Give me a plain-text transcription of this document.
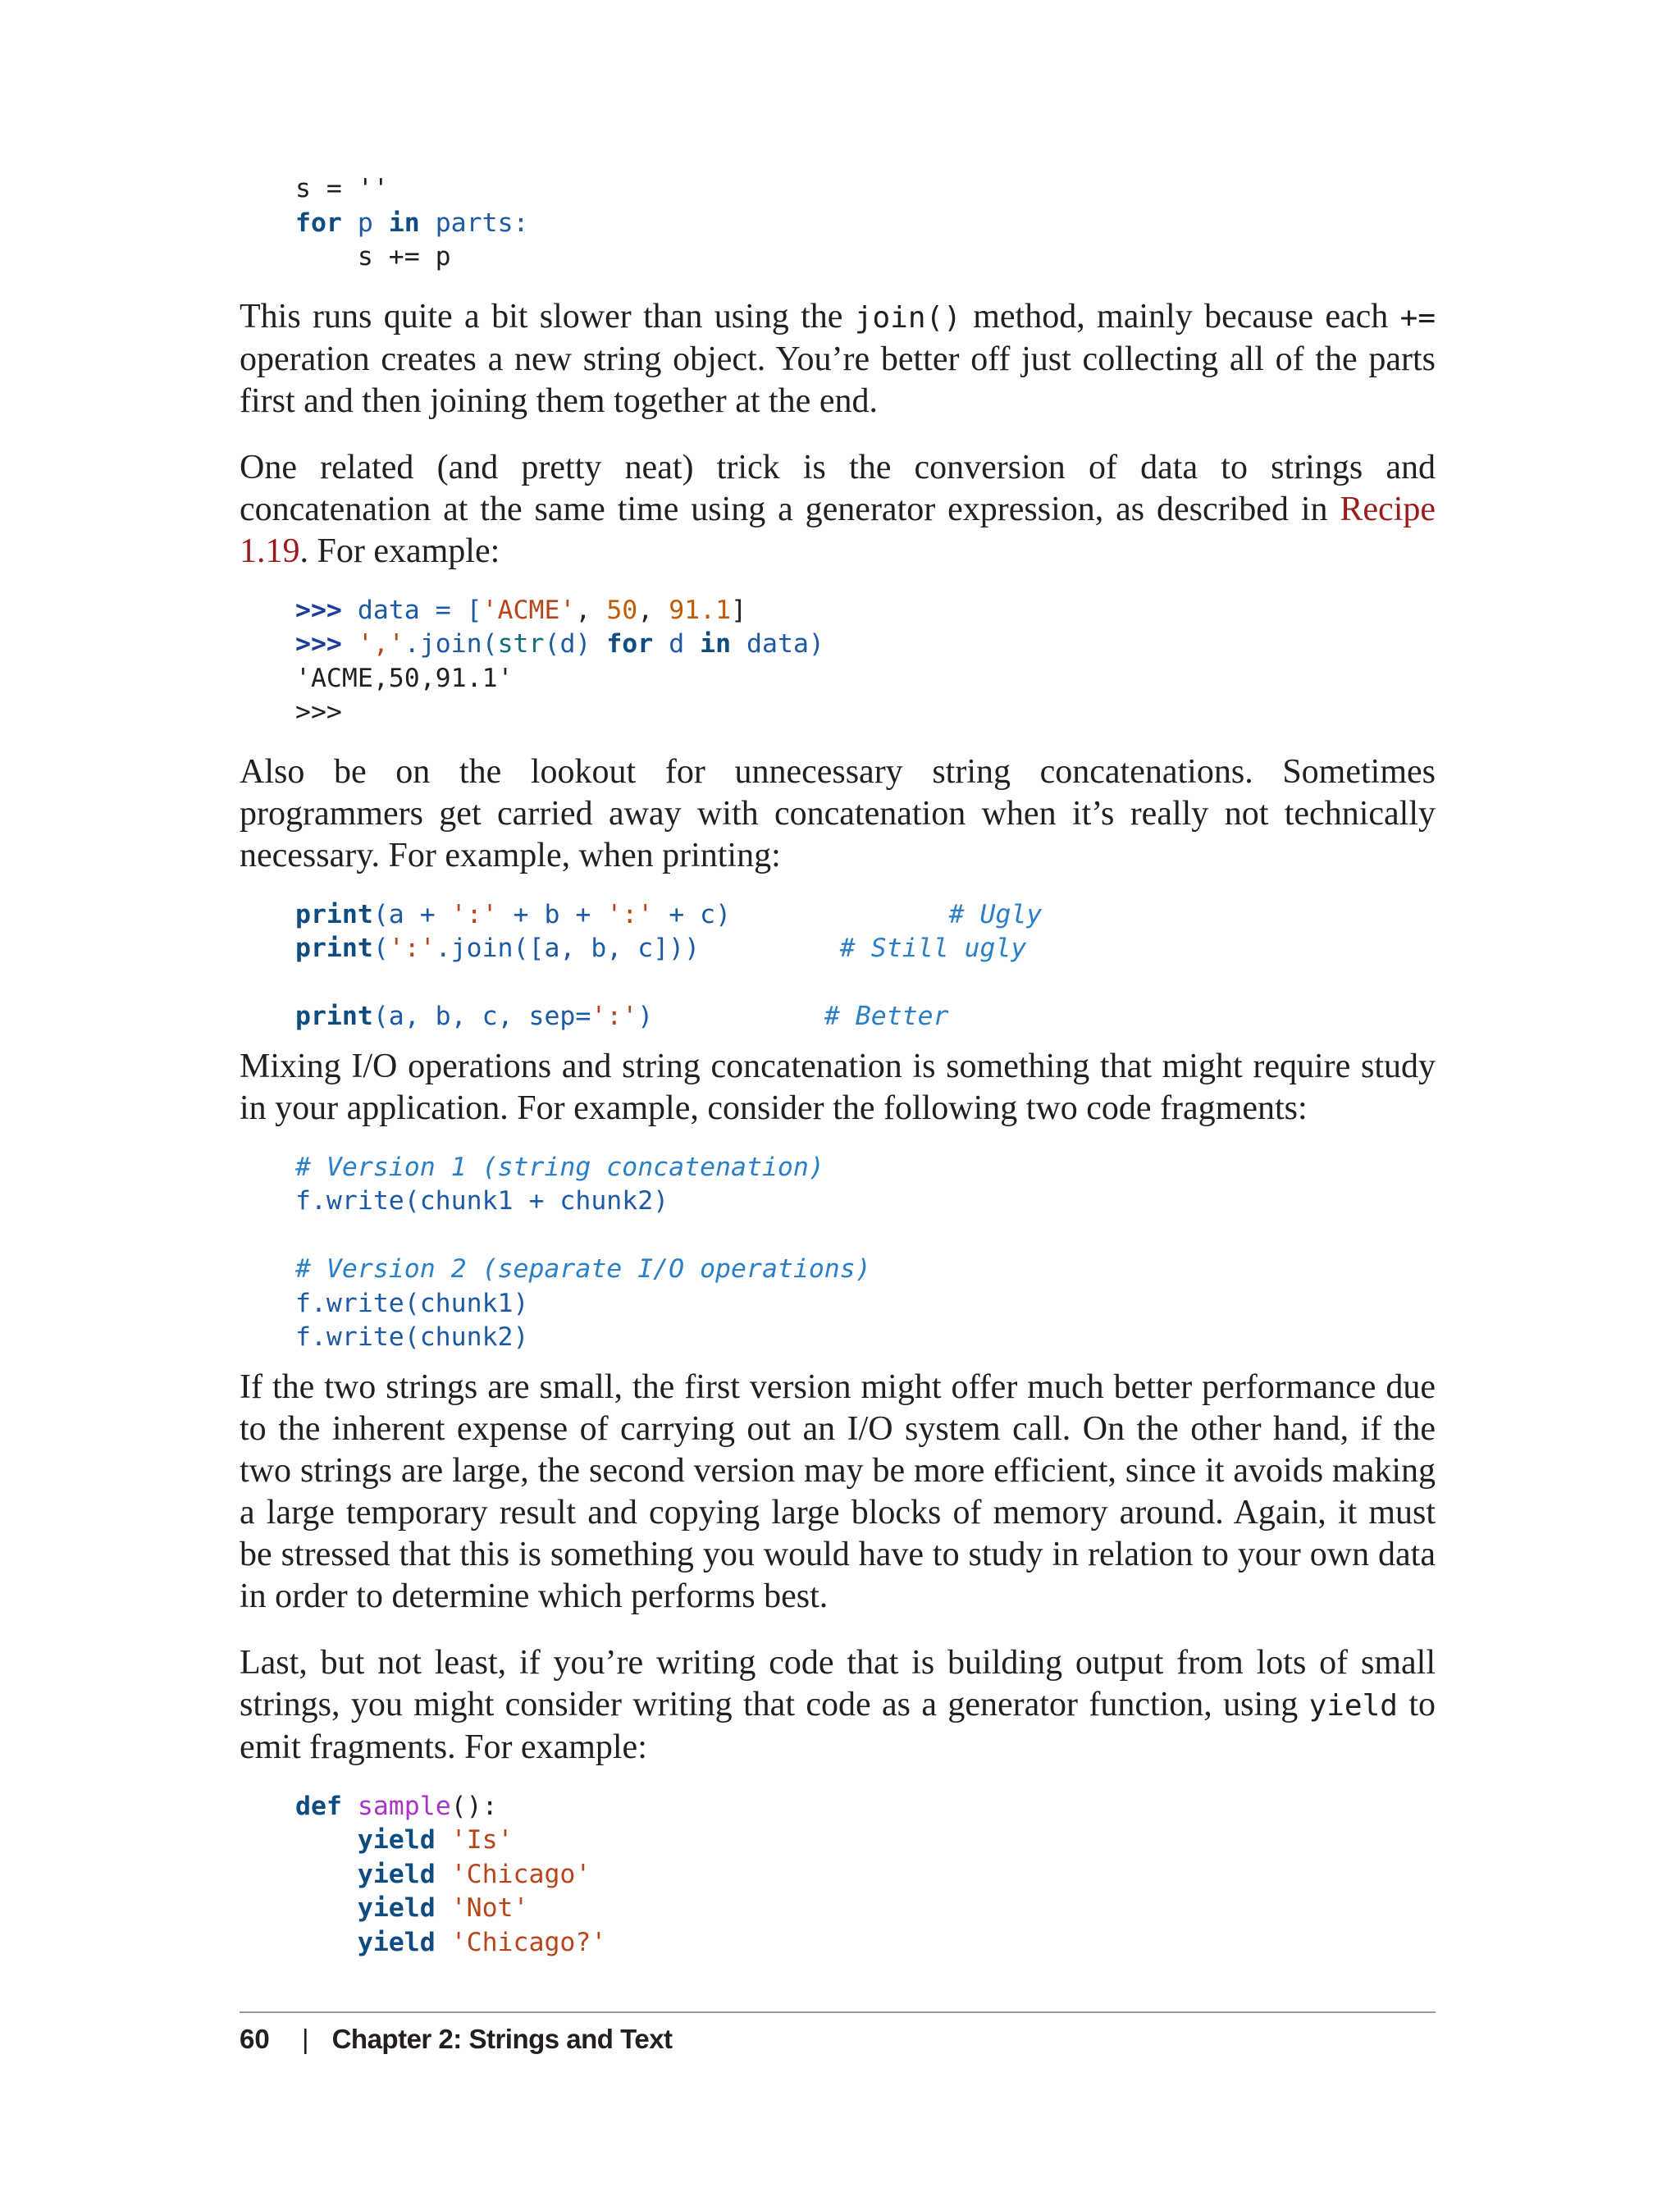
s = ''
for p in parts:
s += p

This runs quite a bit slower than using the join() method, mainly because each += operation creates a new string object. You’re better off just collecting all of the parts first and then joining them together at the end.

One related (and pretty neat) trick is the conversion of data to strings and concatenation at the same time using a generator expression, as described in Recipe 1.19. For example:

>>> data = ['ACME', 50, 91.1]
>>> ','.join(str(d) for d in data)
'ACME,50,91.1'
>>>

Also be on the lookout for unnecessary string concatenations. Sometimes programmers get carried away with concatenation when it’s really not technically necessary. For example, when printing:

print(a + ':' + b + ':' + c)	# Ugly
print(':'.join([a, b, c]))	# Still ugly
print(a, b, c, sep=':')	# Better

Mixing I/O operations and string concatenation is something that might require study in your application. For example, consider the following two code fragments:

# Version 1 (string concatenation)
f.write(chunk1 + chunk2)
# Version 2 (separate I/O operations)
f.write(chunk1)
f.write(chunk2)

If the two strings are small, the first version might offer much better performance due to the inherent expense of carrying out an I/O system call. On the other hand, if the two strings are large, the second version may be more efficient, since it avoids making a large temporary result and copying large blocks of memory around. Again, it must be stressed that this is something you would have to study in relation to your own data in order to determine which performs best.

Last, but not least, if you’re writing code that is building output from lots of small strings, you might consider writing that code as a generator function, using yield to emit fragments. For example:

def sample():
yield 'Is'
yield 'Chicago'
yield 'Not'
yield 'Chicago?'
60	| Chapter 2: Strings and Text
